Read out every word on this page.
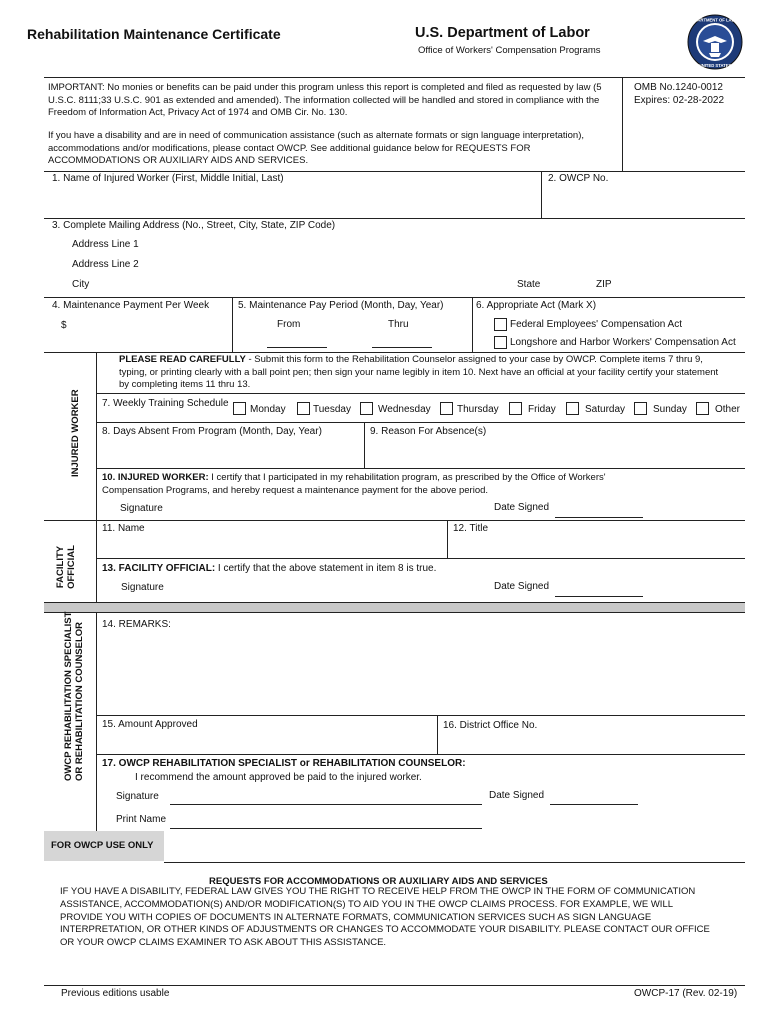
Rehabilitation Maintenance Certificate	U.S. Department of Labor
Office of Workers' Compensation Programs
DEPARTMENT OF LABOR
UNITED STATES
IMPORTANT: No monies or benefits can be paid under this program unless this report is completed and filed as requested by law (5 U.S.C. 8111;33 U.S.C. 901 as extended and amended). The information collected will be handled and stored in compliance with the Freedom of Information Act, Privacy Act of 1974 and OMB Cir. No. 130.
If you have a disability and are in need of communication assistance (such as alternate formats or sign language interpretation), accommodations and/or modifications, please contact OWCP. See additional guidance below for REQUESTS FOR ACCOMMODATIONS OR AUXILIARY AIDS AND SERVICES.
OMB No.1240-0012
Expires: 02-28-2022
1. Name of Injured Worker (First, Middle Initial, Last)	2. OWCP No.
3. Complete Mailing Address (No., Street, City, State, ZIP Code)
Address Line 1
Address Line 2
City	State	ZIP
4. Maintenance Payment Per Week
$
5. Maintenance Pay Period (Month, Day, Year)
From	Thru
6. Appropriate Act (Mark X)
Federal Employees' Compensation Act
Longshore and Harbor Workers' Compensation Act
INJURED WORKER
PLEASE READ CAREFULLY - Submit this form to the Rehabilitation Counselor assigned to your case by OWCP. Complete items 7 thru 9, typing, or printing clearly with a ball point pen; then sign your name legibly in item 10. Next have an official at your facility certify your statement by completing items 11 thru 13.
7. Weekly Training Schedule
Monday	Tuesday	Wednesday	Thursday	Friday	Saturday	Sunday	Other
8. Days Absent From Program (Month, Day, Year)	9. Reason For Absence(s)
10. INJURED WORKER: I certify that I participated in my rehabilitation program, as prescribed by the Office of Workers' Compensation Programs, and hereby request a maintenance payment for the above period.
Signature	Date Signed
FACILITY
OFFICIAL
11. Name	12. Title
13. FACILITY OFFICIAL: I certify that the above statement in item 8 is true.
Signature	Date Signed
OWCP REHABILITATION SPECIALIST
OR REHABILITATION COUNSELOR 14. REMARKS:
15. Amount Approved	16. District Office No.
17. OWCP REHABILITATION SPECIALIST or REHABILITATION COUNSELOR:
I recommend the amount approved be paid to the injured worker.
Signature	Date Signed
Print Name
FOR OWCP USE ONLY
REQUESTS FOR ACCOMMODATIONS OR AUXILIARY AIDS AND SERVICES
IF YOU HAVE A DISABILITY, FEDERAL LAW GIVES YOU THE RIGHT TO RECEIVE HELP FROM THE OWCP IN THE FORM OF COMMUNICATION ASSISTANCE, ACCOMMODATION(S) AND/OR MODIFICATION(S) TO AID YOU IN THE OWCP CLAIMS PROCESS. FOR EXAMPLE, WE WILL PROVIDE YOU WITH COPIES OF DOCUMENTS IN ALTERNATE FORMATS, COMMUNICATION SERVICES SUCH AS SIGN LANGUAGE INTERPRETATION, OR OTHER KINDS OF ADJUSTMENTS OR CHANGES TO ACCOMMODATE YOUR DISABILITY. PLEASE CONTACT OUR OFFICE OR YOUR OWCP CLAIMS EXAMINER TO ASK ABOUT THIS ASSISTANCE.
Previous editions usable	OWCP-17 (Rev. 02-19)
